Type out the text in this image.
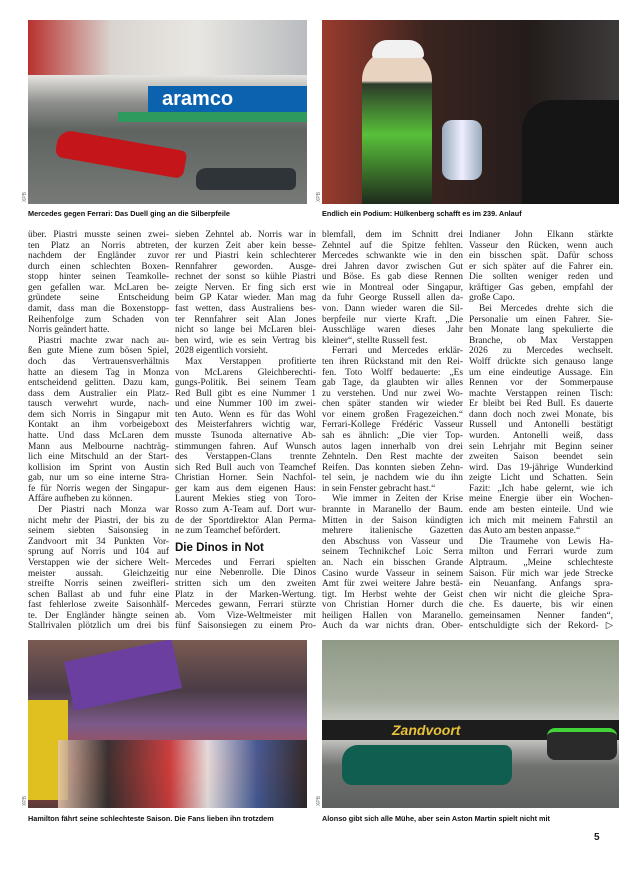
aramco
XPB
Mercedes gegen Ferrari: Das Duell ging an die Silberpfeile
XPB
Endlich ein Podium: Hülkenberg schafft es im 239. Anlauf
über. Piastri musste seinen zwei-
ten Platz an Norris abtreten,
nachdem der Engländer zuvor
durch einen schlechten Boxen-
stopp hinter seinen Teamkolle-
gen gefallen war. McLaren be-
gründete seine Entscheidung
damit, dass man die Boxenstopp-
Reihenfolge zum Schaden von
Norris geändert hatte.
Piastri machte zwar nach au-
ßen gute Miene zum bösen Spiel,
doch das Vertrauensverhältnis
hatte an diesem Tag in Monza
entscheidend gelitten. Dazu kam,
dass dem Australier ein Platz-
tausch verwehrt wurde, nach-
dem sich Norris in Singapur mit
Kontakt an ihm vorbeigeboxt
hatte. Und dass McLaren dem
Mann aus Melbourne nachträg-
lich eine Mitschuld an der Start-
kollision im Sprint von Austin
gab, nur um so eine interne Stra-
fe für Norris wegen der Singapur-
Affäre aufheben zu können.
Der Piastri nach Monza war
nicht mehr der Piastri, der bis zu
seinem siebten Saisonsieg in
Zandvoort mit 34 Punkten Vor-
sprung auf Norris und 104 auf
Verstappen wie der sichere Welt-
meister aussah. Gleichzeitig
streifte Norris seinen zweifleri-
schen Ballast ab und fuhr eine
fast fehlerlose zweite Saisonhälf-
te. Der Engländer hängte seinen
Stallrivalen plötzlich um drei bis
sieben Zehntel ab. Norris war in
der kurzen Zeit aber kein besse-
rer und Piastri kein schlechterer
Rennfahrer geworden. Ausge-
rechnet der sonst so kühle Piastri
zeigte Nerven. Er fing sich erst
beim GP Katar wieder. Man mag
fast wetten, dass Australiens bes-
ter Rennfahrer seit Alan Jones
nicht so lange bei McLaren blei-
ben wird, wie es sein Vertrag bis
2028 eigentlich vorsieht.
Max Verstappen profitierte
von McLarens Gleichberechti-
gungs-Politik. Bei seinem Team
Red Bull gibt es eine Nummer 1
und eine Nummer 100 im zwei-
ten Auto. Wenn es für das Wohl
des Meisterfahrers wichtig war,
musste Tsunoda alternative Ab-
stimmungen fahren. Auf Wunsch
des Verstappen-Clans trennte
sich Red Bull auch von Teamchef
Christian Horner. Sein Nachfol-
ger kam aus dem eigenen Haus:
Laurent Mekies stieg von Toro-
Rosso zum A-Team auf. Dort wur-
de der Sportdirektor Alan Perma-
ne zum Teamchef befördert.
Die Dinos in Not
Mercedes und Ferrari spielten
nur eine Nebenrolle. Die Dinos
stritten sich um den zweiten
Platz in der Marken-Wertung.
Mercedes gewann, Ferrari stürzte
ab. Vom Vize-Weltmeister mit
fünf Saisonsiegen zu einem Pro-
blemfall, dem im Schnitt drei
Zehntel auf die Spitze fehlten.
Mercedes schwankte wie in den
drei Jahren davor zwischen Gut
und Böse. Es gab diese Rennen
wie in Montreal oder Singapur,
da fuhr George Russell allen da-
von. Dann wieder waren die Sil-
berpfeile nur vierte Kraft. „Die
Ausschläge waren dieses Jahr
kleiner“, stellte Russell fest.
Ferrari und Mercedes erklär-
ten ihren Rückstand mit den Rei-
fen. Toto Wolff bedauerte: „Es
gab Tage, da glaubten wir alles
zu verstehen. Und nur zwei Wo-
chen später standen wir wieder
vor einem großen Fragezeichen.“
Ferrari-Kollege Frédéric Vasseur
sah es ähnlich: „Die vier Top-
autos lagen innerhalb von drei
Zehnteln. Den Rest machte der
Reifen. Das konnten sieben Zehn-
tel sein, je nachdem wie du ihn
in sein Fenster gebracht hast.“
Wie immer in Zeiten der Krise
brannte in Maranello der Baum.
Mitten in der Saison kündigten
mehrere italienische Gazetten
den Abschuss von Vasseur und
seinem Technikchef Loic Serra
an. Nach ein bisschen Grande
Casino wurde Vasseur in seinem
Amt für zwei weitere Jahre bestä-
tigt. Im Herbst wehte der Geist
von Christian Horner durch die
heiligen Hallen von Maranello.
Auch da war nichts dran. Ober-
Indianer John Elkann stärkte
Vasseur den Rücken, wenn auch
ein bisschen spät. Dafür schoss
er sich später auf die Fahrer ein.
Die sollten weniger reden und
kräftiger Gas geben, empfahl der
große Capo.
Bei Mercedes drehte sich die
Personalie um einen Fahrer. Sie-
ben Monate lang spekulierte die
Branche, ob Max Verstappen
2026 zu Mercedes wechselt.
Wolff drückte sich genauso lange
um eine eindeutige Aussage. Ein
Rennen vor der Sommerpause
machte Verstappen reinen Tisch:
Er bleibt bei Red Bull. Es dauerte
dann doch noch zwei Monate, bis
Russell und Antonelli bestätigt
wurden. Antonelli weiß, dass
sein Lehrjahr mit Beginn seiner
zweiten Saison beendet sein
wird. Das 19-jährige Wunderkind
zeigte Licht und Schatten. Sein
Fazit: „Ich habe gelernt, wie ich
meine Energie über ein Wochen-
ende am besten einteile. Und wie
ich mich mit meinem Fahrstil an
das Auto am besten anpasse.“
Die Traumehe von Lewis Ha-
milton und Ferrari wurde zum
Alptraum. „Meine schlechteste
Saison. Für mich war jede Strecke
ein Neuanfang. Anfangs spra-
chen wir nicht die gleiche Spra-
che. Es dauerte, bis wir einen
gemeinsamen Nenner fanden“,
entschuldigte sich der Rekord- ▷
XPB
Hamilton fährt seine schlechteste Saison. Die Fans lieben ihn trotzdem
Zandvoort
XPB
Alonso gibt sich alle Mühe, aber sein Aston Martin spielt nicht mit
5
